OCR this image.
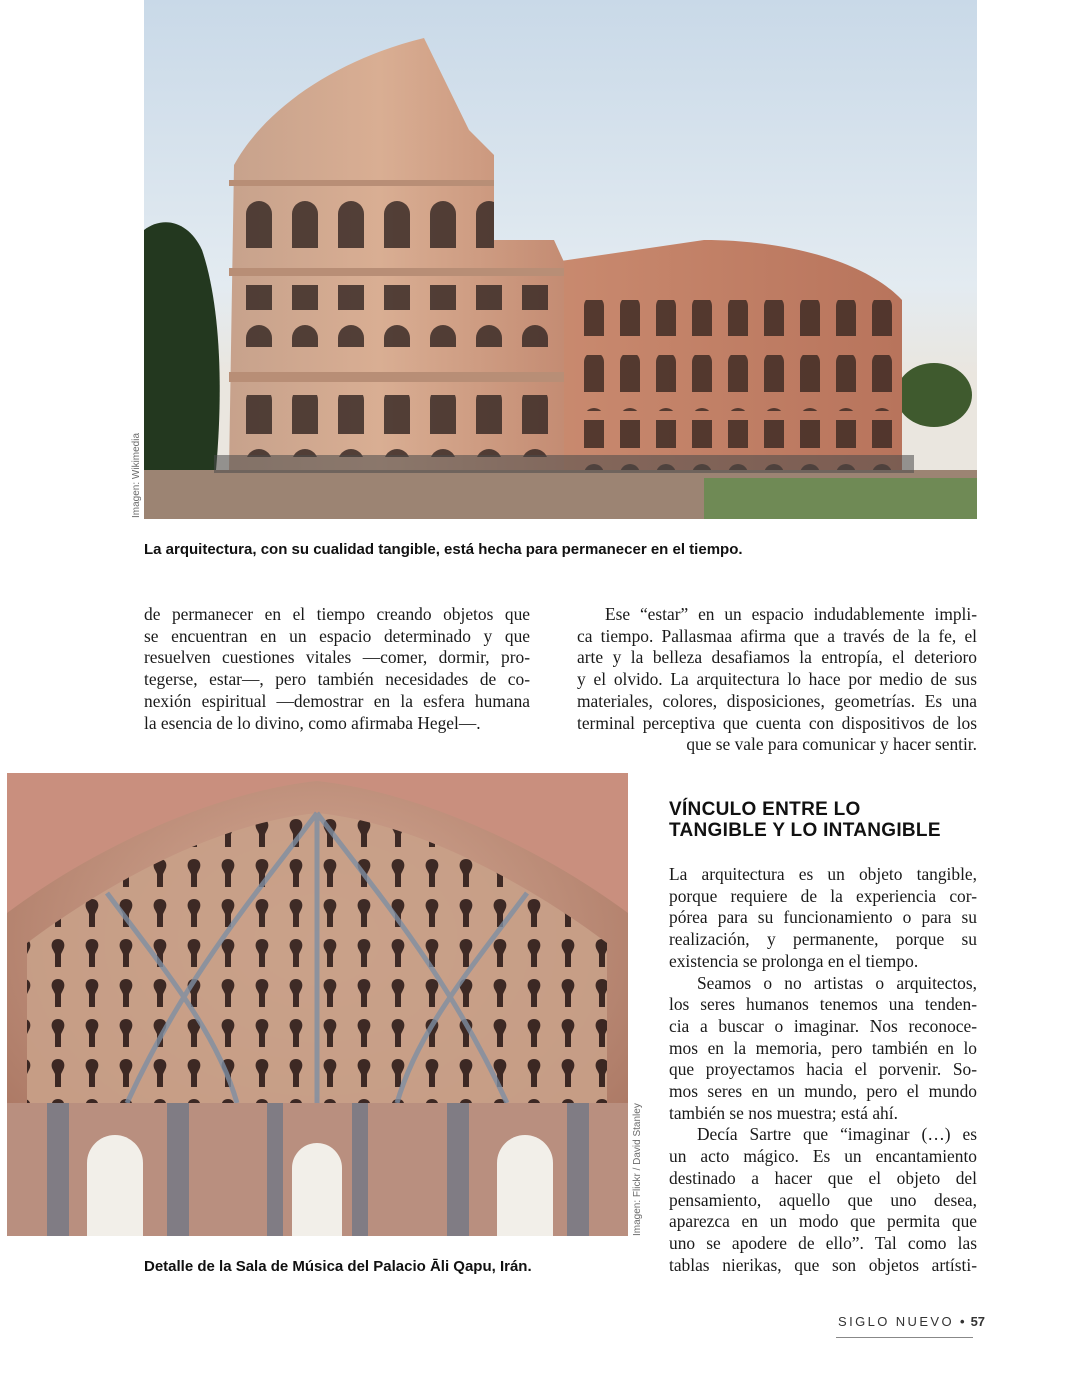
Imagen: Wikimedia
La arquitectura, con su cualidad tangible, está hecha para permanecer en el tiempo.
de permanecer en el tiempo creando objetos que
se encuentran en un espacio determinado y que
resuelven cuestiones vitales —comer, dormir, pro-
tegerse, estar—, pero también necesidades de co-
nexión espiritual —demostrar en la esfera humana
la esencia de lo divino, como afirmaba Hegel—.
Ese “estar” en un espacio indudablemente impli-
ca tiempo. Pallasmaa afirma que a través de la fe, el
arte y la belleza desafiamos la entropía, el deterioro
y el olvido. La arquitectura lo hace por medio de sus
materiales, colores, disposiciones, geometrías. Es una
terminal perceptiva que cuenta con dispositivos de los
que se vale para comunicar y hacer sentir.
Imagen: Flickr / David Stanley
Detalle de la Sala de Música del Palacio Ᾱli Qapu, Irán.
VÍNCULO ENTRE LO
TANGIBLE Y LO INTANGIBLE
La arquitectura es un objeto tangible,
porque requiere de la experiencia cor-
pórea para su funcionamiento o para su
realización, y permanente, porque su
existencia se prolonga en el tiempo.
Seamos o no artistas o arquitectos,
los seres humanos tenemos una tenden-
cia a buscar o imaginar. Nos reconoce-
mos en la memoria, pero también en lo
que proyectamos hacia el porvenir. So-
mos seres en un mundo, pero el mundo
también se nos muestra; está ahí.
Decía Sartre que “imaginar (…) es
un acto mágico. Es un encantamiento
destinado a hacer que el objeto del
pensamiento, aquello que uno desea,
aparezca en un modo que permita que
uno se apodere de ello”. Tal como las
tablas nierikas, que son objetos artísti-
SIGLO NUEVO • 57
